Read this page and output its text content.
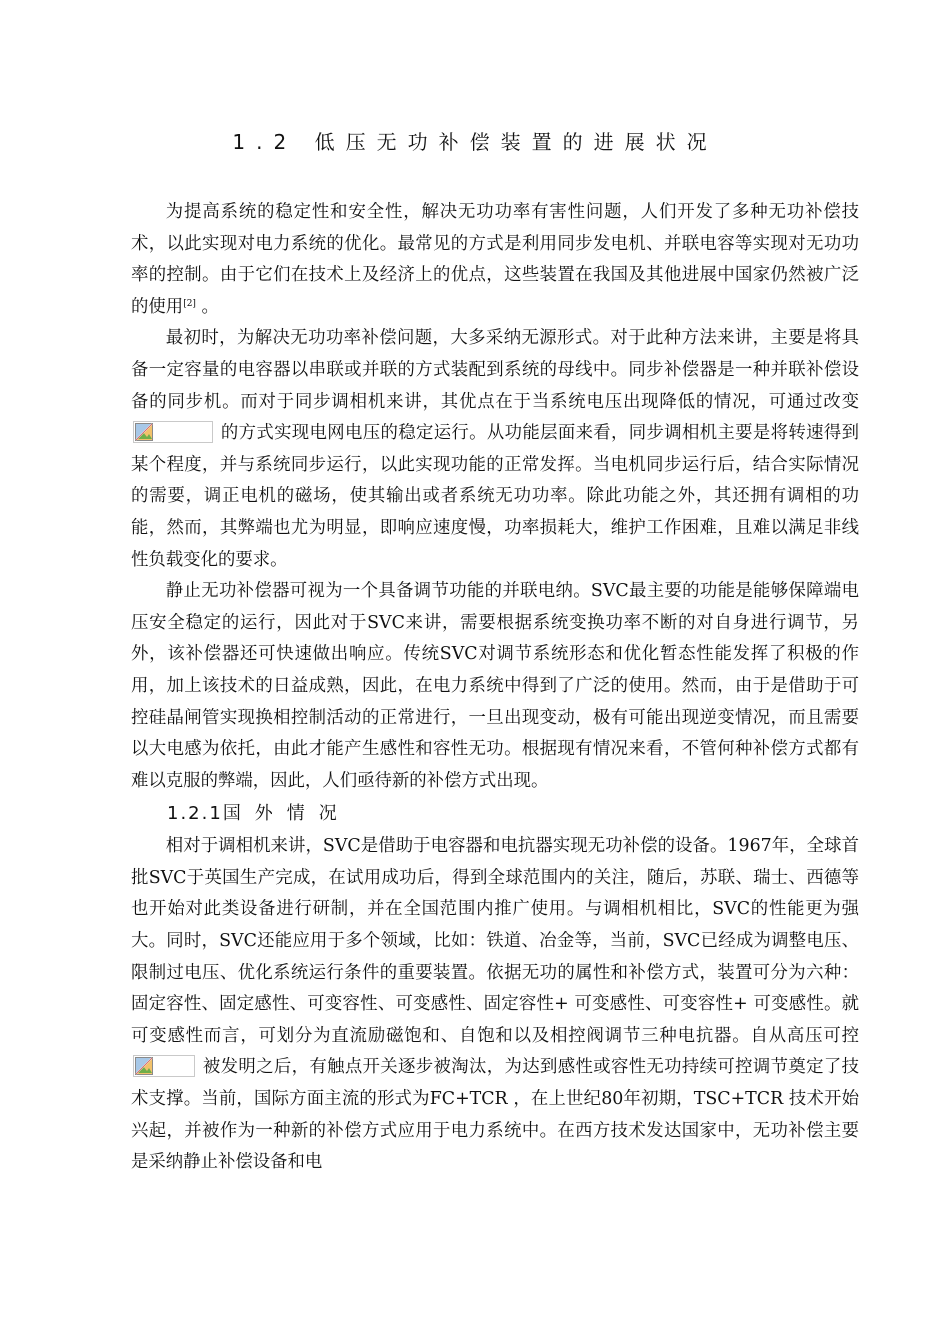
1.2 低压无功补偿装置的进展状况

为提高系统的稳定性和安全性，解决无功功率有害性问题，人们开发了多种无功补偿技术，以此实现对电力系统的优化。最常见的方式是利用同步发电机、并联电容等实现对无功功率的控制。由于它们在技术上及经济上的优点，这些装置在我国及其他进展中国家仍然被广泛的使用[2] 。

最初时，为解决无功功率补偿问题，大多采纳无源形式。对于此种方法来讲，主要是将具备一定容量的电容器以串联或并联的方式装配到系统的母线中。同步补偿器是一种并联补偿设备的同步机。而对于同步调相机来讲，其优点在于当系统电压出现降低的情况，可通过改变
的方式实现电网电压的稳定运行。从功能层面来看，同步调相机主要是将转速得到某个程度，并与系统同步运行，以此实现功能的正常发挥。当电机同步运行后，结合实际情况的需要，调正电机的磁场，使其输出或者系统无功功率。除此功能之外，其还拥有调相的功能，然而，其弊端也尤为明显，即响应速度慢，功率损耗大，维护工作困难，且难以满足非线性负载变化的要求。

静止无功补偿器可视为一个具备调节功能的并联电纳。SVC最主要的功能是能够保障端电压安全稳定的运行，因此对于SVC来讲，需要根据系统变换功率不断的对自身进行调节，另外，该补偿器还可快速做出响应。传统SVC对调节系统形态和优化暂态性能发挥了积极的作用，加上该技术的日益成熟，因此，在电力系统中得到了广泛的使用。然而，由于是借助于可控硅晶闸管实现换相控制活动的正常进行，一旦出现变动，极有可能出现逆变情况，而且需要以大电感为依托，由此才能产生感性和容性无功。根据现有情况来看，不管何种补偿方式都有难以克服的弊端，因此，人们亟待新的补偿方式出现。

1.2.1国外情况

相对于调相机来讲，SVC是借助于电容器和电抗器实现无功补偿的设备。1967年，全球首批SVC于英国生产完成，在试用成功后，得到全球范围内的关注，随后，苏联、瑞士、西德等也开始对此类设备进行研制，并在全国范围内推广使用。与调相机相比，SVC的性能更为强大。同时，SVC还能应用于多个领域，比如：铁道、冶金等，当前，SVC已经成为调整电压、限制过电压、优化系统运行条件的重要装置。依据无功的属性和补偿方式，装置可分为六种：固定容性、固定感性、可变容性、可变感性、固定容性+ 可变感性、可变容性+ 可变感性。就可变感性而言，可划分为直流励磁饱和、自饱和以及相控阀调节三种电抗器。自从高压可控
被发明之后，有触点开关逐步被淘汰，为达到感性或容性无功持续可控调节奠定了技术支撑。当前，国际方面主流的形式为FC+TCR ，在上世纪80年初期，TSC+TCR 技术开始兴起，并被作为一种新的补偿方式应用于电力系统中。在西方技术发达国家中，无功补偿主要是采纳静止补偿设备和电
